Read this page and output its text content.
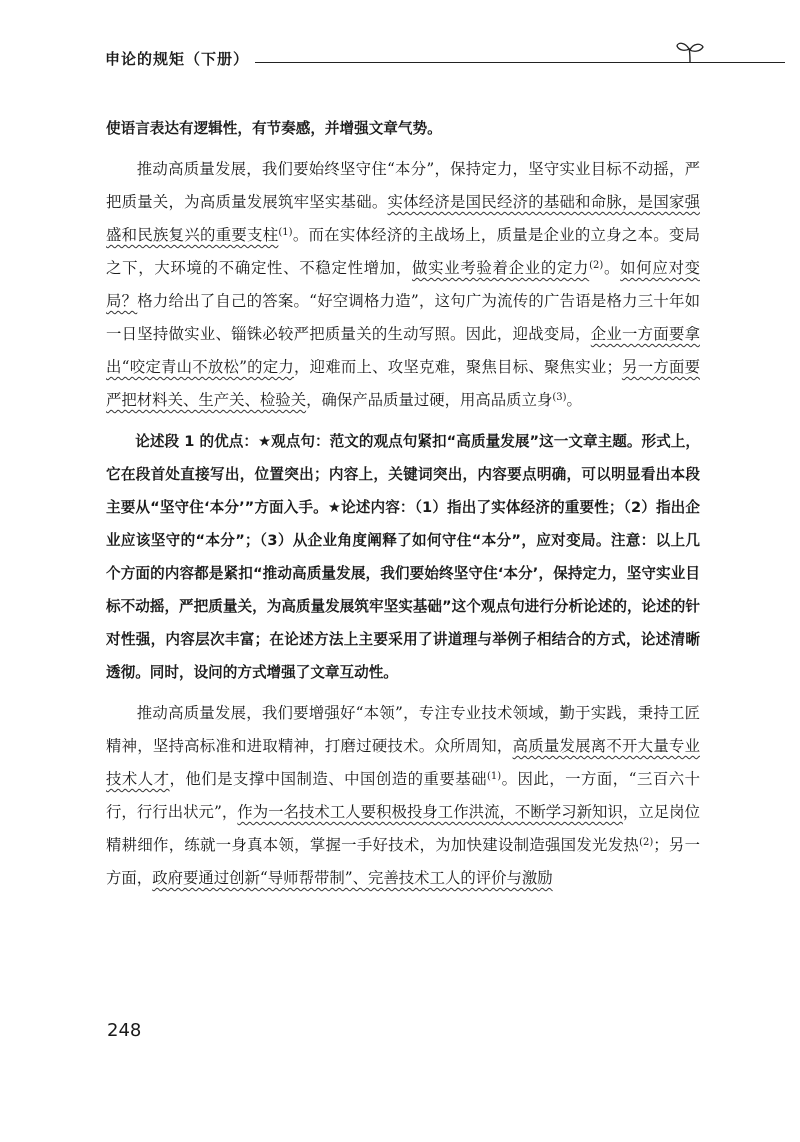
申论的规矩（下册）

使语言表达有逻辑性，有节奏感，并增强文章气势。

推动高质量发展，我们要始终坚守住“本分”，保持定力，坚守实业目标不动摇，严把质量关，为高质量发展筑牢坚实基础。实体经济是国民经济的基础和命脉，是国家强盛和民族复兴的重要支柱$^{(1)}$。而在实体经济的主战场上，质量是企业的立身之本。变局之下，大环境的不确定性、不稳定性增加，做实业考验着企业的定力$^{(2)}$。如何应对变局？格力给出了自己的答案。“好空调格力造”，这句广为流传的广告语是格力三十年如一日坚持做实业、锱铢必较严把质量关的生动写照。因此，迎战变局，企业一方面要拿出“咬定青山不放松”的定力，迎难而上、攻坚克难，聚焦目标、聚焦实业；另一方面要严把材料关、生产关、检验关，确保产品质量过硬，用高品质立身$^{(3)}$。

论述段 1 的优点：★观点句：范文的观点句紧扣“高质量发展”这一文章主题。形式上，它在段首处直接写出，位置突出；内容上，关键词突出，内容要点明确，可以明显看出本段主要从“坚守住‘本分’”方面入手。★论述内容：（1）指出了实体经济的重要性；（2）指出企业应该坚守的“本分”；（3）从企业角度阐释了如何守住“本分”，应对变局。注意：以上几个方面的内容都是紧扣“推动高质量发展，我们要始终坚守住‘本分’，保持定力，坚守实业目标不动摇，严把质量关，为高质量发展筑牢坚实基础”这个观点句进行分析论述的，论述的针对性强，内容层次丰富；在论述方法上主要采用了讲道理与举例子相结合的方式，论述清晰透彻。同时，设问的方式增强了文章互动性。

推动高质量发展，我们要增强好“本领”，专注专业技术领域，勤于实践，秉持工匠精神，坚持高标准和进取精神，打磨过硬技术。众所周知，高质量发展离不开大量专业技术人才，他们是支撑中国制造、中国创造的重要基础$^{(1)}$。因此，一方面，“三百六十行，行行出状元”，作为一名技术工人要积极投身工作洪流，不断学习新知识，立足岗位精耕细作，练就一身真本领，掌握一手好技术，为加快建设制造强国发光发热$^{(2)}$；另一方面，政府要通过创新“导师帮带制”、完善技术工人的评价与激励

248
